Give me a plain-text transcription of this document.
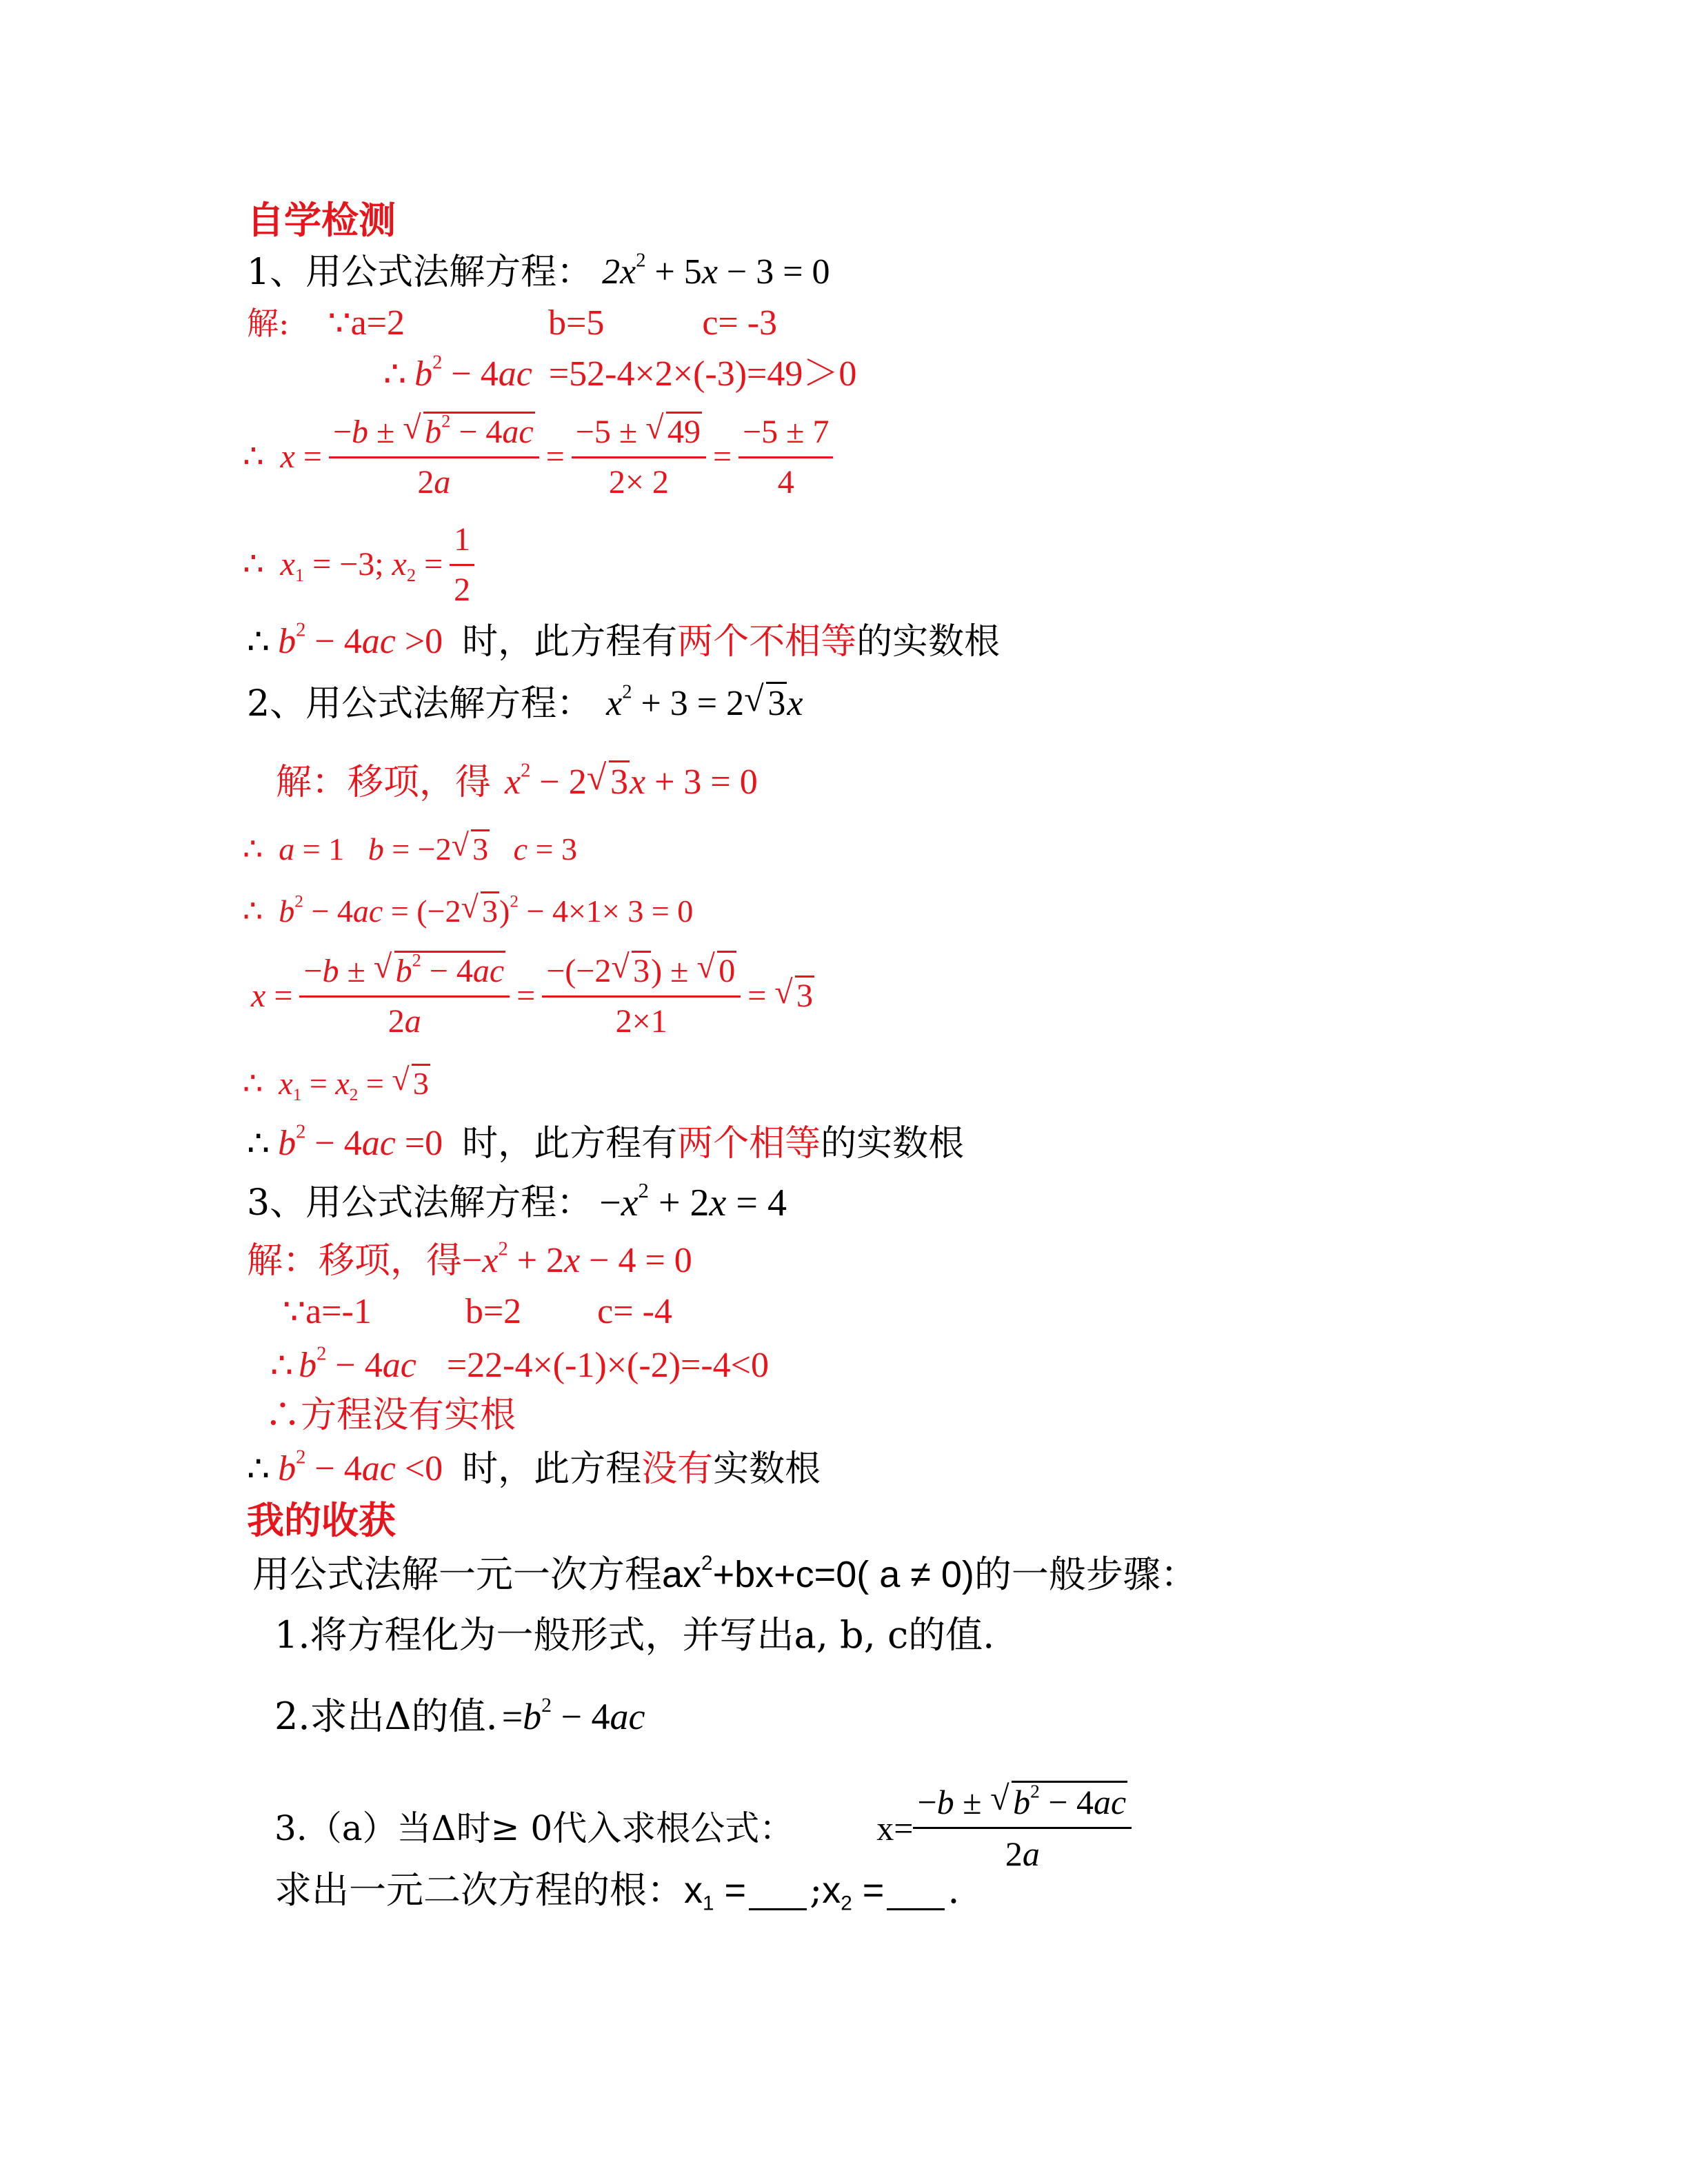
自学检测
1、用公式法解方程： $2x^2 + 5x - 3 = 0$
解: ∵ a=2	b=5	c= -3
∴ $b^2 - 4ac =52-4\times 2\times(-3)=49>0$
∴  $x = \frac{-b \pm √ b^2 - 4ac}{2a} = \frac{-5 \pm √ 49}{2\times 2} = \frac{-5 \pm 7}{4}$
∴  $x_1 = -3$; $x_2 = \frac{1}{2}$
∴ $b^2 - 4ac >0$ 时，此方程有 两个不相等 的实数根
2、用公式法解方程： $x^2 + 3 = 2$ √ 3x
解：移项，得 $x^2 - 2$ √ 3x + 3 = 0
∴  a = 1   b = −2 √ 3 c = 3
∴  $b^2 - 4ac = (-2$ √ 3)$^2$ − 4×1× 3 = 0
$x = \frac{-b \pm √ b^2 - 4ac}{2a} = \frac{-(-2 √ 3) \pm √ 0}{2\times 1}$ = √ 3
∴  $x_1 = x_2$ = √ 3
∴ $b^2 - 4ac =0$ 时，此方程有 两个相等 的实数根
3、用公式法解方程： $-x^2 + 2x = 4$
解：移项，得 $-x^2 + 2x - 4 = 0$
∵ a=-1	b=2 c= -4
∴ $b^2 - 4ac =22-4\times(-1)\times(-2)=-4<0$
∴方程没有实根
∴ $b^2 - 4ac <0$ 时，此方程 没有 实数根
我的收获
用公式法解一元一次方程 $ax^2+bx+c=0$( a ≠ 0) 的一般步骤：
1.将方程化为一般形式，并写出a, b, c的值.
2.求出 Δ的值. $=b^2 - 4ac$
3.（a）当 Δ时≥ 0 代入求根公式： $x= \frac{-b \pm √ b^2 - 4ac}{2a}$
求出一元二次方程的根： $x_1$ = ; $x_2$ = .
